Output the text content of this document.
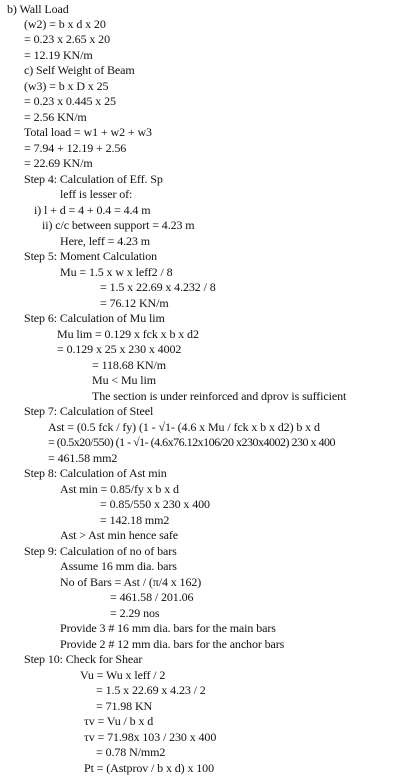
b) Wall Load
(w2) = b x d x 20
= 0.23 x 2.65 x 20
= 12.19 KN/m
c) Self Weight of Beam
(w3) = b x D x 25
= 0.23 x 0.445 x 25
= 2.56 KN/m
Total load = w1 + w2 + w3
= 7.94 + 12.19 + 2.56
= 22.69 KN/m
Step 4: Calculation of Eff. Sp
leff is lesser of:
i) l + d = 4 + 0.4 = 4.4 m
ii) c/c between support = 4.23 m
Here, leff = 4.23 m
Step 5: Moment Calculation
Mu = 1.5 x w x leff2 / 8
= 1.5 x 22.69 x 4.232 / 8
= 76.12 KN/m
Step 6: Calculation of Mu lim
Mu lim = 0.129 x fck x b x d2
= 0.129 x 25 x 230 x 4002
= 118.68 KN/m
Mu < Mu lim
The section is under reinforced and dprov is sufficient
Step 7: Calculation of Steel
Ast = (0.5 fck / fy) (1 - √1- (4.6 x Mu / fck x b x d2) b x d
= (0.5x20/550) (1 - √1- (4.6x76.12x106/20 x230x4002) 230 x 400
= 461.58 mm2
Step 8: Calculation of Ast min
Ast min = 0.85/fy x b x d
= 0.85/550 x 230 x 400
= 142.18 mm2
Ast > Ast min hence safe
Step 9: Calculation of no of bars
Assume 16 mm dia. bars
No of Bars = Ast / (π/4 x 162)
= 461.58 / 201.06
= 2.29 nos
Provide 3 # 16 mm dia. bars for the main bars
Provide 2 # 12 mm dia. bars for the anchor bars
Step 10: Check for Shear
Vu = Wu x leff / 2
= 1.5 x 22.69 x 4.23 / 2
= 71.98 KN
τv = Vu / b x d
τv = 71.98x 103 / 230 x 400
= 0.78 N/mm2
Pt = (Astprov / b x d) x 100
